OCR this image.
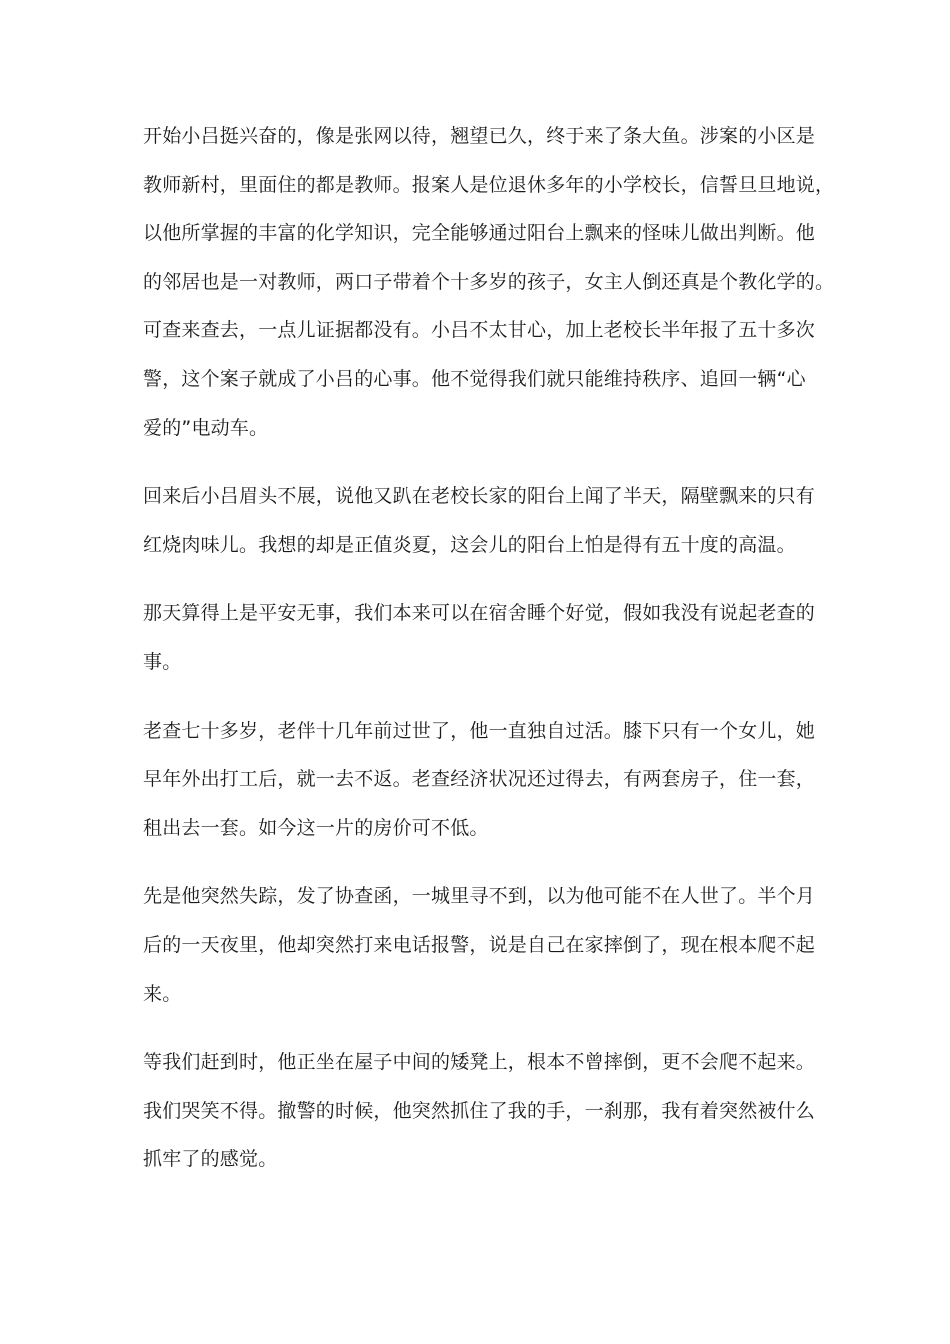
开始小吕挺兴奋的，像是张网以待，翘望已久，终于来了条大鱼。涉案的小区是
教师新村，里面住的都是教师。报案人是位退休多年的小学校长，信誓旦旦地说，
以他所掌握的丰富的化学知识，完全能够通过阳台上飘来的怪味儿做出判断。他
的邻居也是一对教师，两口子带着个十多岁的孩子，女主人倒还真是个教化学的。
可查来查去，一点儿证据都没有。小吕不太甘心，加上老校长半年报了五十多次
警，这个案子就成了小吕的心事。他不觉得我们就只能维持秩序、追回一辆“心
爱的”电动车。
回来后小吕眉头不展，说他又趴在老校长家的阳台上闻了半天，隔壁飘来的只有
红烧肉味儿。我想的却是正值炎夏，这会儿的阳台上怕是得有五十度的高温。
那天算得上是平安无事，我们本来可以在宿舍睡个好觉，假如我没有说起老查的
事。
老查七十多岁，老伴十几年前过世了，他一直独自过活。膝下只有一个女儿，她
早年外出打工后，就一去不返。老查经济状况还过得去，有两套房子，住一套，
租出去一套。如今这一片的房价可不低。
先是他突然失踪，发了协查函，一城里寻不到，以为他可能不在人世了。半个月
后的一天夜里，他却突然打来电话报警，说是自己在家摔倒了，现在根本爬不起
来。
等我们赶到时，他正坐在屋子中间的矮凳上，根本不曾摔倒，更不会爬不起来。
我们哭笑不得。撤警的时候，他突然抓住了我的手，一刹那，我有着突然被什么
抓牢了的感觉。
